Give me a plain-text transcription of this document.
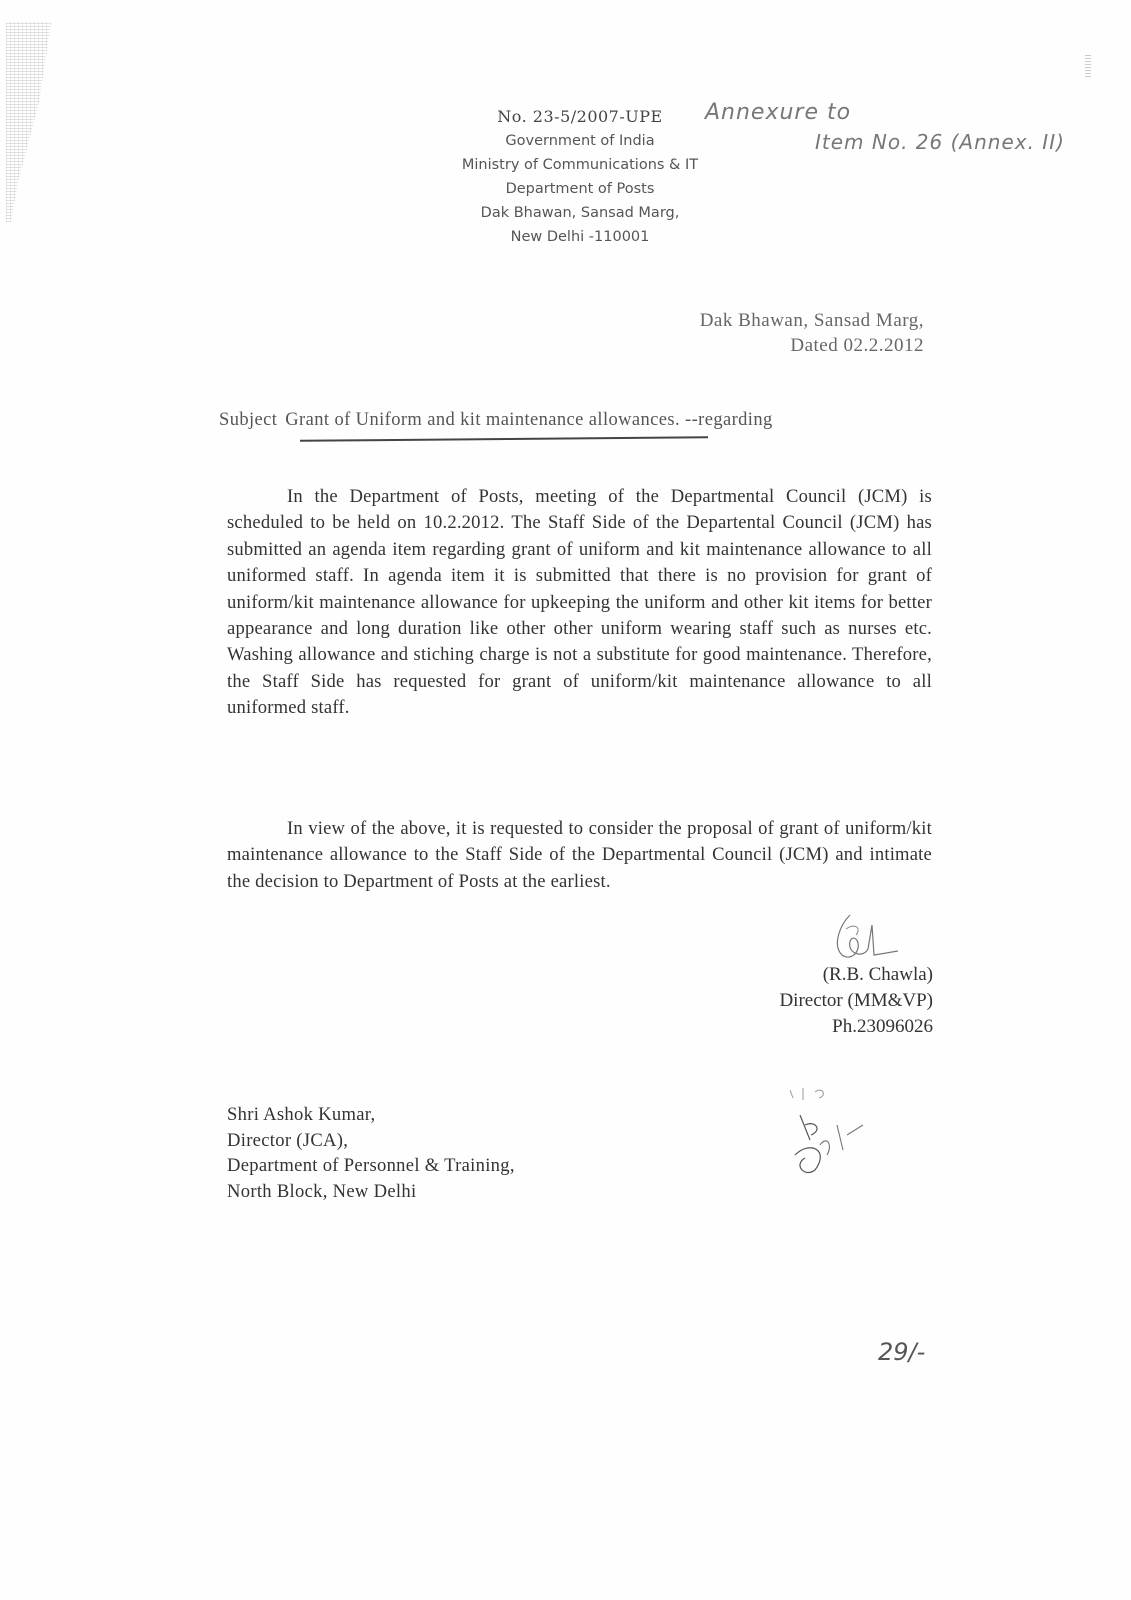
No. 23-5/2007-UPE
Government of India
Ministry of Communications & IT
Department of Posts
Dak Bhawan, Sansad Marg,
New Delhi -110001
Annexure to
Item No. 26 (Annex. II)
Dak Bhawan, Sansad Marg,
Dated 02.2.2012
Subject Grant of Uniform and kit maintenance allowances. --regarding
In the Department of Posts, meeting of the Departmental Council (JCM) is scheduled to be held on 10.2.2012. The Staff Side of the Departental Council (JCM) has submitted an agenda item regarding grant of uniform and kit maintenance allowance to all uniformed staff. In agenda item it is submitted that there is no provision for grant of uniform/kit maintenance allowance for upkeeping the uniform and other kit items for better appearance and long duration like other other uniform wearing staff such as nurses etc. Washing allowance and stiching charge is not a substitute for good maintenance. Therefore, the Staff Side has requested for grant of uniform/kit maintenance allowance to all uniformed staff.
In view of the above, it is requested to consider the proposal of grant of uniform/kit maintenance allowance to the Staff Side of the Departmental Council (JCM) and intimate the decision to Department of Posts at the earliest.
(R.B. Chawla)
Director (MM&VP)
Ph.23096026
Shri Ashok Kumar,
Director (JCA),
Department of Personnel & Training,
North Block, New Delhi
29/-
